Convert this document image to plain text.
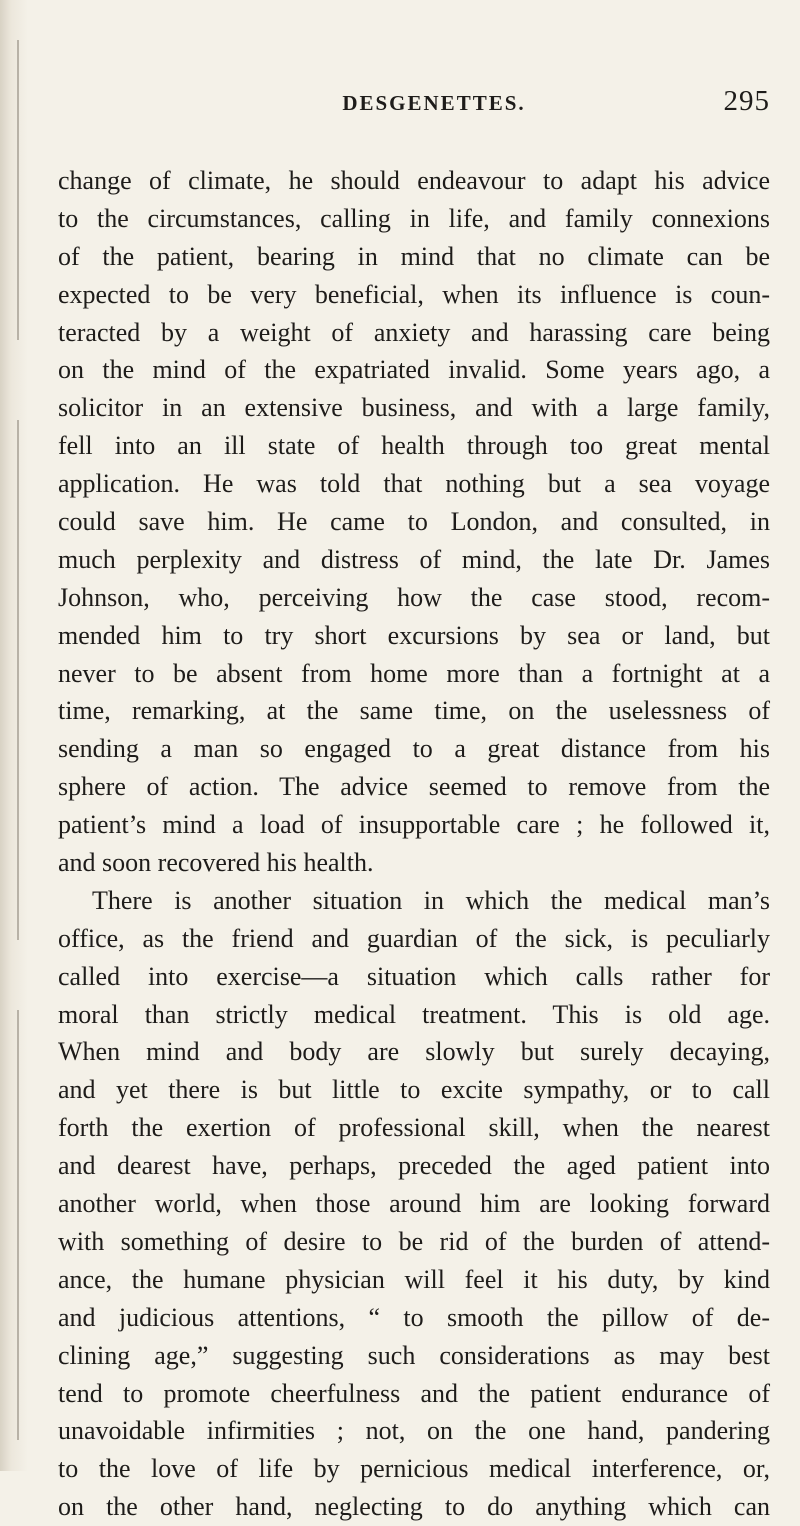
DESGENETTES.	295
change of climate, he should endeavour to adapt his advice
to the circumstances, calling in life, and family connexions
of the patient, bearing in mind that no climate can be
expected to be very beneficial, when its influence is coun-
teracted by a weight of anxiety and harassing care being
on the mind of the expatriated invalid. Some years ago, a
solicitor in an extensive business, and with a large family,
fell into an ill state of health through too great mental
application. He was told that nothing but a sea voyage
could save him. He came to London, and consulted, in
much perplexity and distress of mind, the late Dr. James
Johnson, who, perceiving how the case stood, recom-
mended him to try short excursions by sea or land, but
never to be absent from home more than a fortnight at a
time, remarking, at the same time, on the uselessness of
sending a man so engaged to a great distance from his
sphere of action. The advice seemed to remove from the
patient’s mind a load of insupportable care ; he followed it,
and soon recovered his health.
There is another situation in which the medical man’s
office, as the friend and guardian of the sick, is peculiarly
called into exercise—a situation which calls rather for
moral than strictly medical treatment. This is old age.
When mind and body are slowly but surely decaying,
and yet there is but little to excite sympathy, or to call
forth the exertion of professional skill, when the nearest
and dearest have, perhaps, preceded the aged patient into
another world, when those around him are looking forward
with something of desire to be rid of the burden of attend-
ance, the humane physician will feel it his duty, by kind
and judicious attentions, “ to smooth the pillow of de-
clining age,” suggesting such considerations as may best
tend to promote cheerfulness and the patient endurance of
unavoidable infirmities ; not, on the one hand, pandering
to the love of life by pernicious medical interference, or,
on the other hand, neglecting to do anything which can
